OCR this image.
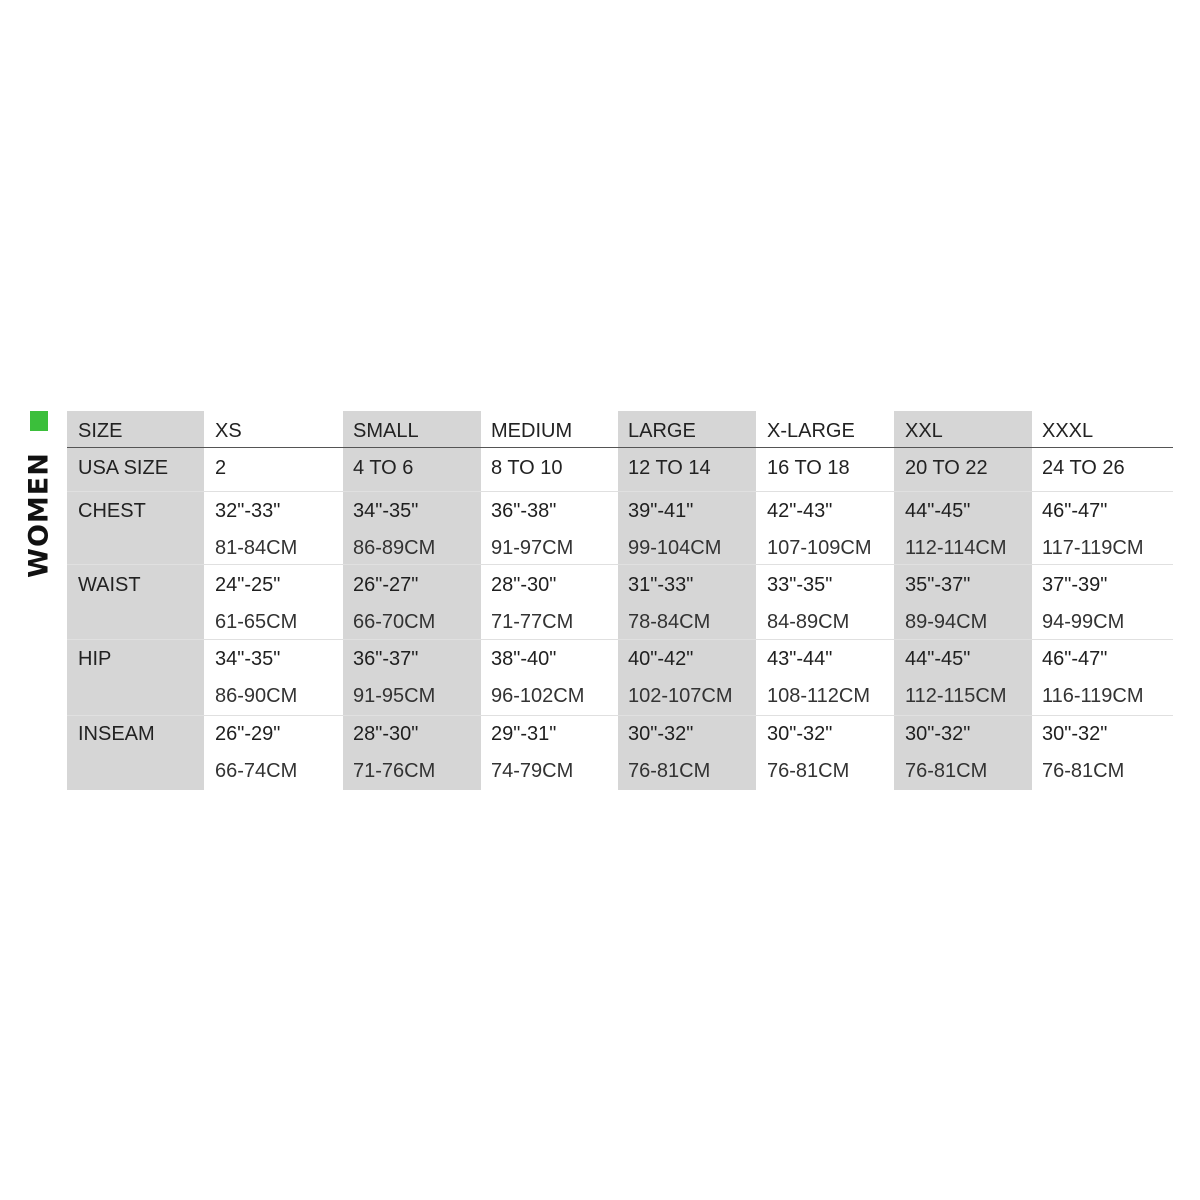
WOMEN
SIZE	XS	SMALL	MEDIUM	LARGE	X-LARGE	XXL	XXXL
USA SIZE 2	4 TO 6	8 TO 10	12 TO 14	16 TO 18	20 TO 22	24 TO 26
CHEST	32"-33"	34"-35"	36"-38"	39"-41"	42"-43"	44"-45"	46"-47"
81-84CM	86-89CM	91-97CM	99-104CM 107-109CM 112-114CM 117-119CM
WAIST	24"-25"	26"-27"	28"-30"	31"-33"	33"-35"	35"-37"	37"-39"
61-65CM	66-70CM	71-77CM	78-84CM	84-89CM	89-94CM	94-99CM
HIP	34"-35"	36"-37"	38"-40"	40"-42"	43"-44"	44"-45"	46"-47"
86-90CM	91-95CM	96-102CM 102-107CM 108-112CM 112-115CM 116-119CM
INSEAM	26"-29"	28"-30"	29"-31"	30"-32"	30"-32"	30"-32"	30"-32"
66-74CM	71-76CM	74-79CM	76-81CM	76-81CM	76-81CM	76-81CM
